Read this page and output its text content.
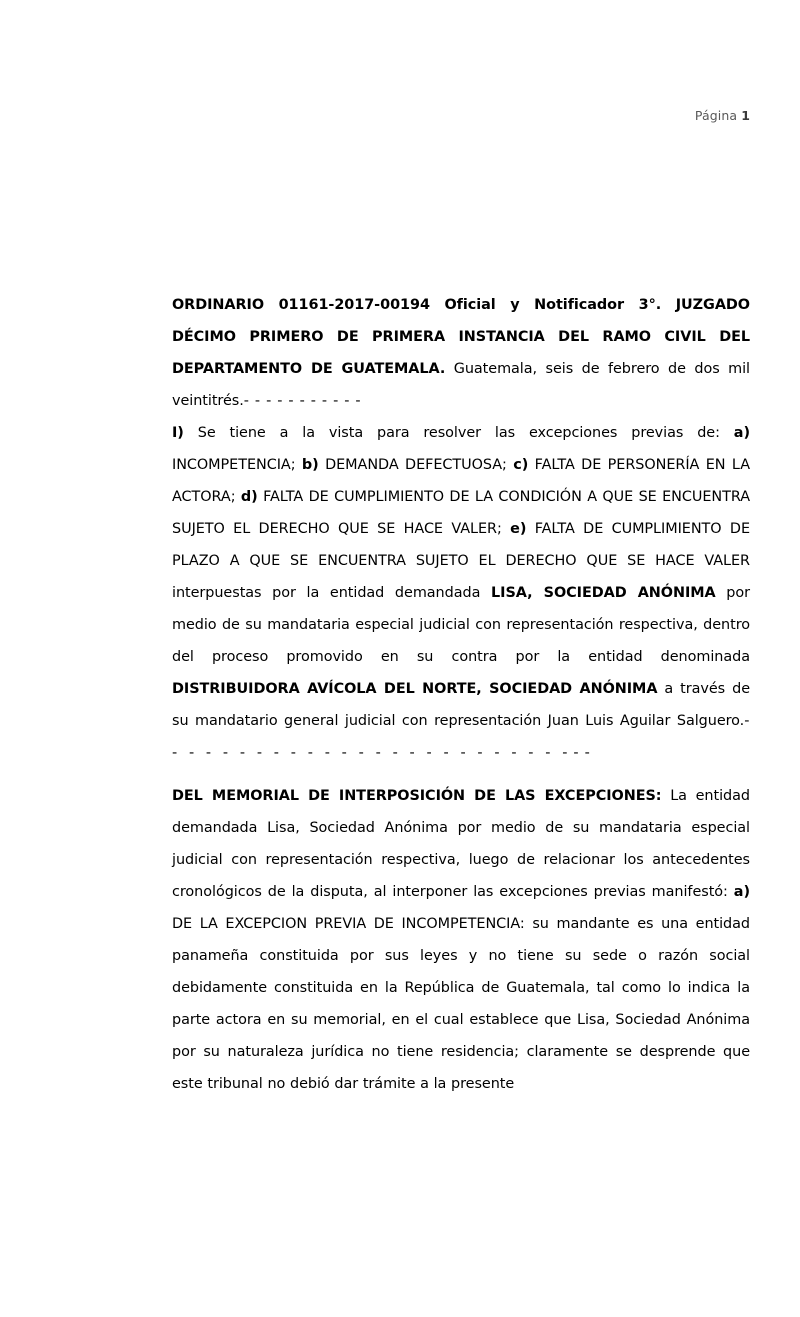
Página 1

ORDINARIO 01161-2017-00194 Oficial y Notificador 3°. JUZGADO DÉCIMO PRIMERO DE PRIMERA INSTANCIA DEL RAMO CIVIL DEL DEPARTAMENTO DE GUATEMALA. Guatemala, seis de febrero de dos mil veintitrés.- - - - - - - - - - -

I) Se tiene a la vista para resolver las excepciones previas de: a) INCOMPETENCIA; b) DEMANDA DEFECTUOSA; c) FALTA DE PERSONERÍA EN LA ACTORA; d) FALTA DE CUMPLIMIENTO DE LA CONDICIÓN A QUE SE ENCUENTRA SUJETO EL DERECHO QUE SE HACE VALER; e) FALTA DE CUMPLIMIENTO DE PLAZO A QUE SE ENCUENTRA SUJETO EL DERECHO QUE SE HACE VALER interpuestas por la entidad demandada LISA, SOCIEDAD ANÓNIMA por medio de su mandataria especial judicial con representación respectiva, dentro del proceso promovido en su contra por la entidad denominada DISTRIBUIDORA AVÍCOLA DEL NORTE, SOCIEDAD ANÓNIMA a través de su mandatario general judicial con representación Juan Luis Aguilar Salguero.- - - - - - - - - - - - - - - - - - - - - - - - - - -

DEL MEMORIAL DE INTERPOSICIÓN DE LAS EXCEPCIONES: La entidad demandada Lisa, Sociedad Anónima por medio de su mandataria especial judicial con representación respectiva, luego de relacionar los antecedentes cronológicos de la disputa, al interponer las excepciones previas manifestó: a) DE LA EXCEPCION PREVIA DE INCOMPETENCIA: su mandante es una entidad panameña constituida por sus leyes y no tiene su sede o razón social debidamente constituida en la República de Guatemala, tal como lo indica la parte actora en su memorial, en el cual establece que Lisa, Sociedad Anónima por su naturaleza jurídica no tiene residencia; claramente se desprende que este tribunal no debió dar trámite a la presente
